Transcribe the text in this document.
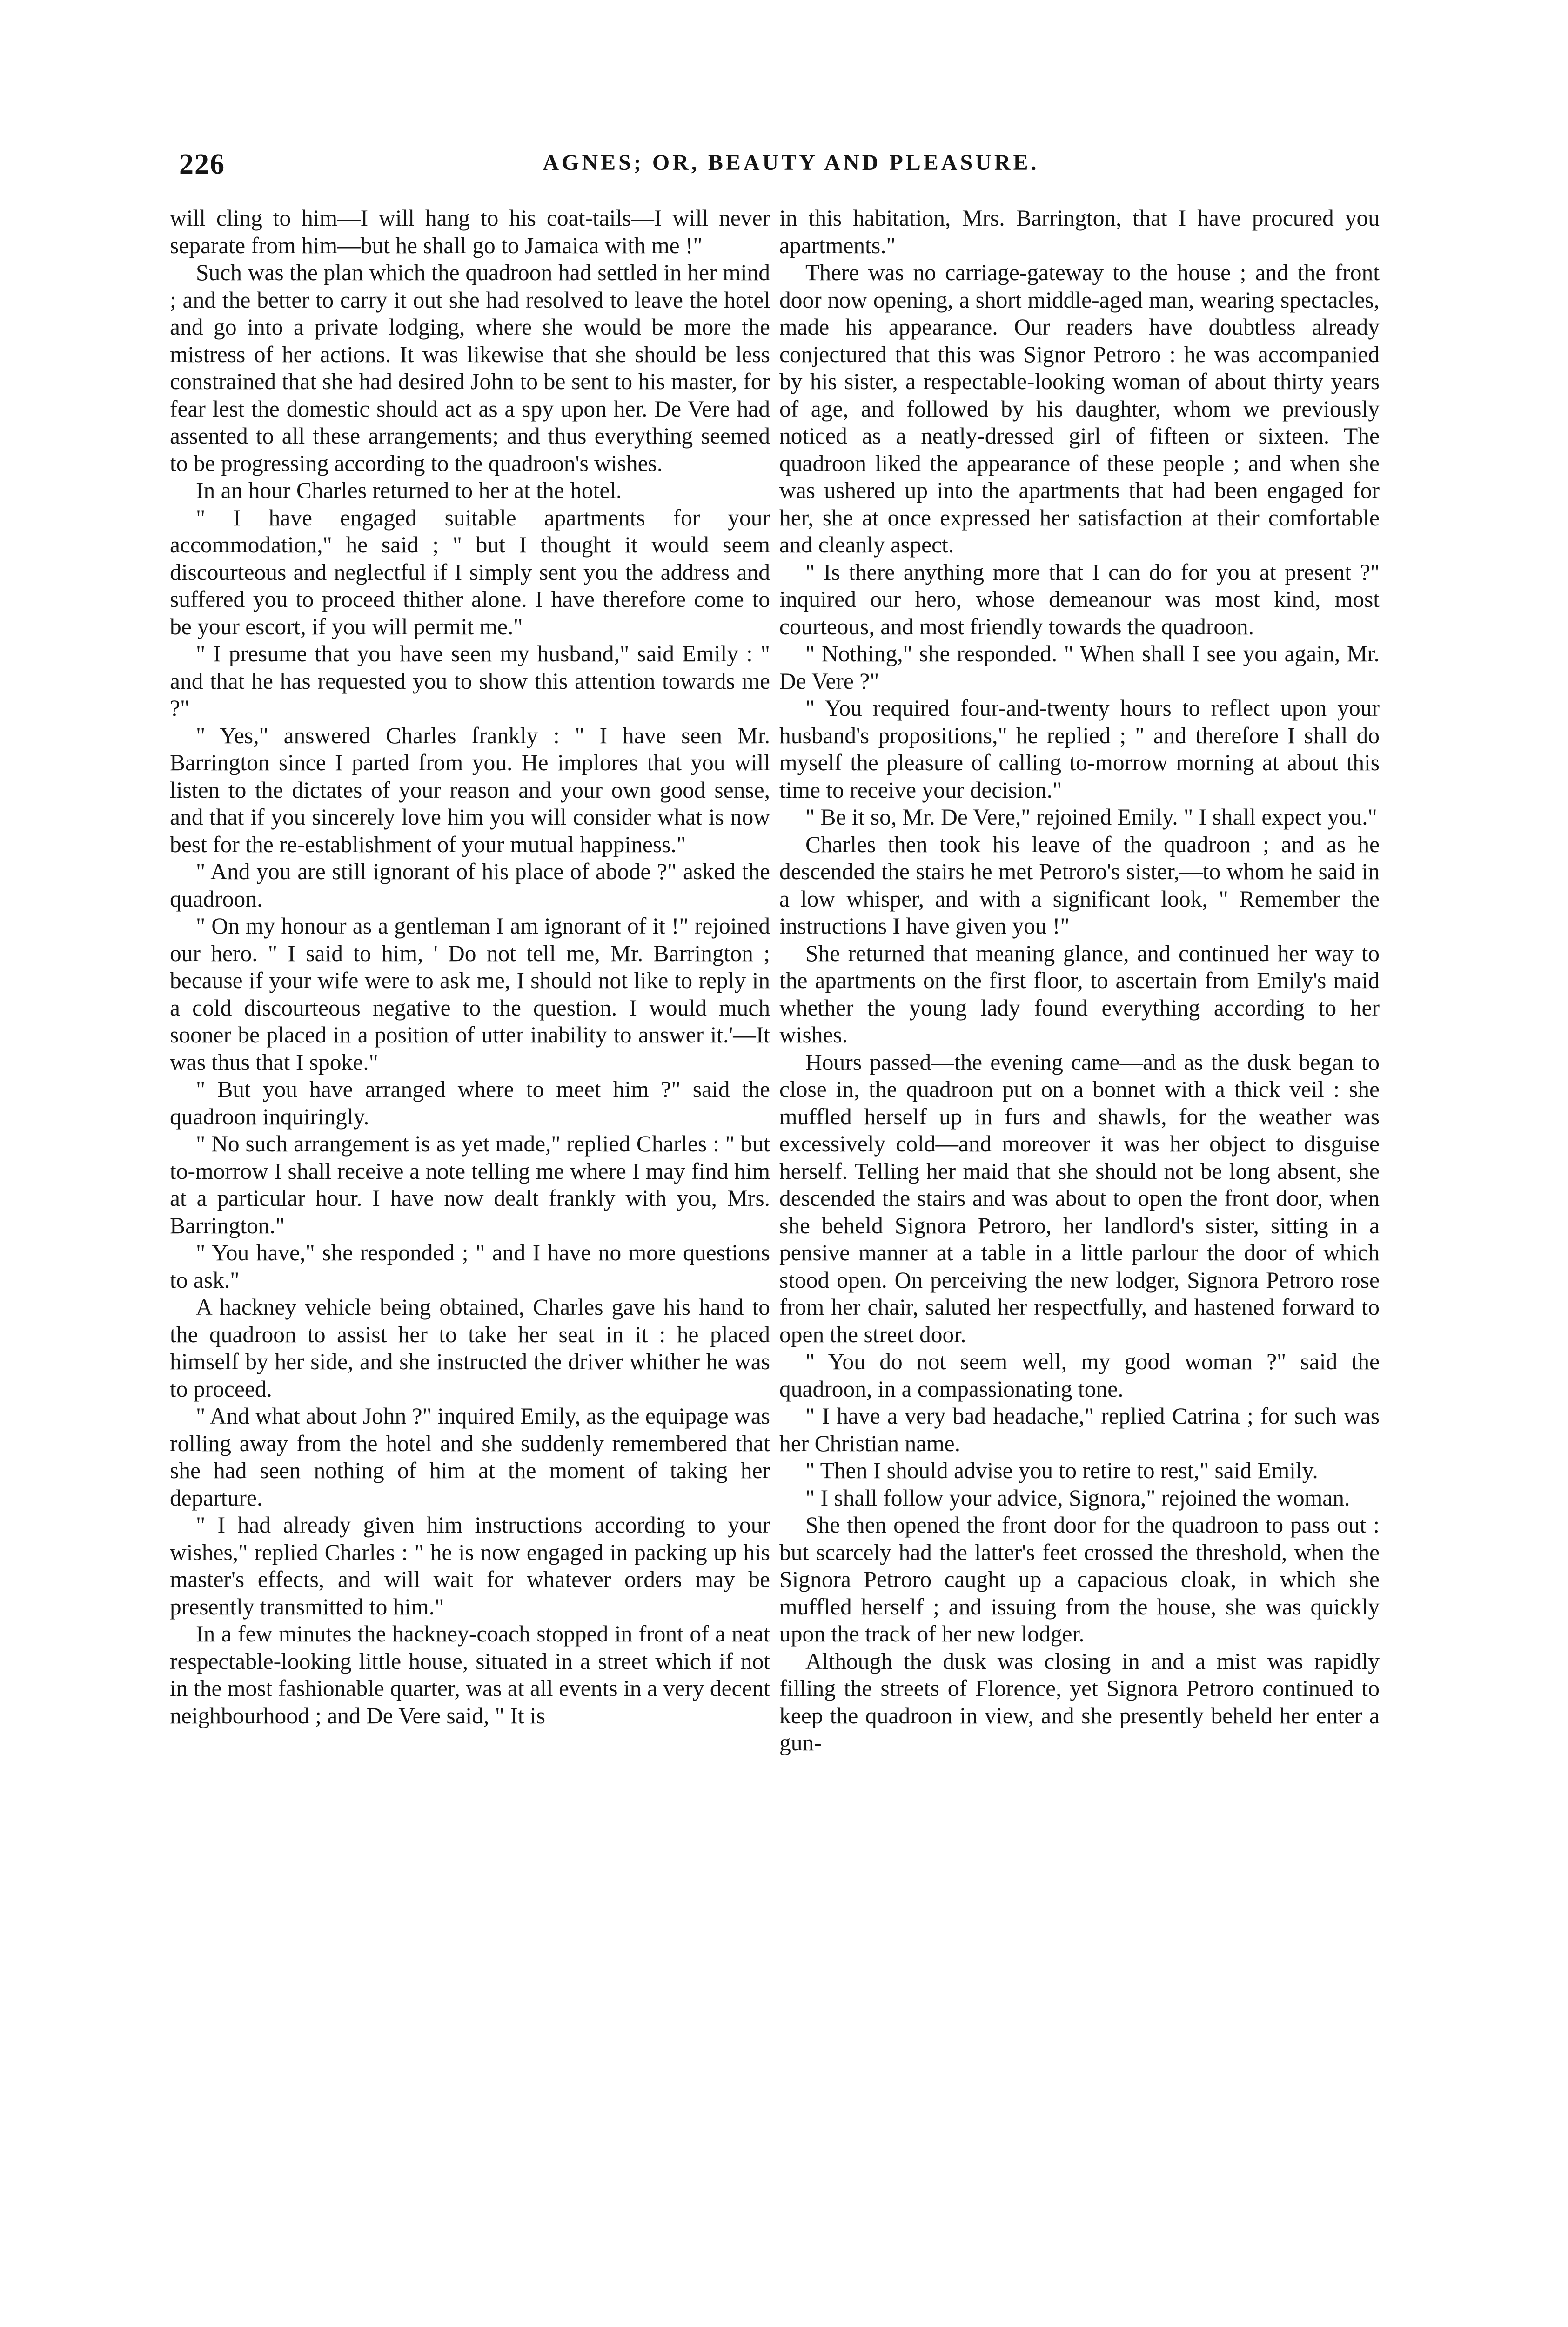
226	AGNES; OR, BEAUTY AND PLEASURE.

will cling to him—I will hang to his coat-tails—I will never separate from him—but he shall go to Jamaica with me !"

Such was the plan which the quadroon had settled in her mind ; and the better to carry it out she had resolved to leave the hotel and go into a private lodging, where she would be more the mistress of her actions. It was likewise that she should be less constrained that she had desired John to be sent to his master, for fear lest the domestic should act as a spy upon her. De Vere had assented to all these arrangements; and thus everything seemed to be progressing according to the quadroon's wishes.

In an hour Charles returned to her at the hotel.

" I have engaged suitable apartments for your accommodation," he said ; " but I thought it would seem discourteous and neglectful if I simply sent you the address and suffered you to proceed thither alone. I have therefore come to be your escort, if you will permit me."

" I presume that you have seen my husband," said Emily : " and that he has requested you to show this attention towards me ?"

" Yes," answered Charles frankly : " I have seen Mr. Barrington since I parted from you. He implores that you will listen to the dictates of your reason and your own good sense, and that if you sincerely love him you will consider what is now best for the re-establishment of your mutual happiness."

" And you are still ignorant of his place of abode ?" asked the quadroon.

" On my honour as a gentleman I am ignorant of it !" rejoined our hero. " I said to him, ' Do not tell me, Mr. Barrington ; because if your wife were to ask me, I should not like to reply in a cold discourteous negative to the question. I would much sooner be placed in a position of utter inability to answer it.'—It was thus that I spoke."

" But you have arranged where to meet him ?" said the quadroon inquiringly.

" No such arrangement is as yet made," replied Charles : " but to-morrow I shall receive a note telling me where I may find him at a particular hour. I have now dealt frankly with you, Mrs. Barrington."

" You have," she responded ; " and I have no more questions to ask."

A hackney vehicle being obtained, Charles gave his hand to the quadroon to assist her to take her seat in it : he placed himself by her side, and she instructed the driver whither he was to proceed.

" And what about John ?" inquired Emily, as the equipage was rolling away from the hotel and she suddenly remembered that she had seen nothing of him at the moment of taking her departure.

" I had already given him instructions according to your wishes," replied Charles : " he is now engaged in packing up his master's effects, and will wait for whatever orders may be presently transmitted to him."

In a few minutes the hackney-coach stopped in front of a neat respectable-looking little house, situated in a street which if not in the most fashionable quarter, was at all events in a very decent neighbourhood ; and De Vere said, " It is

in this habitation, Mrs. Barrington, that I have procured you apartments."

There was no carriage-gateway to the house ; and the front door now opening, a short middle-aged man, wearing spectacles, made his appearance. Our readers have doubtless already conjectured that this was Signor Petroro : he was accompanied by his sister, a respectable-looking woman of about thirty years of age, and followed by his daughter, whom we previously noticed as a neatly-dressed girl of fifteen or sixteen. The quadroon liked the appearance of these people ; and when she was ushered up into the apartments that had been engaged for her, she at once expressed her satisfaction at their comfortable and cleanly aspect.

" Is there anything more that I can do for you at present ?" inquired our hero, whose demeanour was most kind, most courteous, and most friendly towards the quadroon.

" Nothing," she responded. " When shall I see you again, Mr. De Vere ?"

" You required four-and-twenty hours to reflect upon your husband's propositions," he replied ; " and therefore I shall do myself the pleasure of calling to-morrow morning at about this time to receive your decision."

" Be it so, Mr. De Vere," rejoined Emily. " I shall expect you."

Charles then took his leave of the quadroon ; and as he descended the stairs he met Petroro's sister,—to whom he said in a low whisper, and with a significant look, " Remember the instructions I have given you !"

She returned that meaning glance, and continued her way to the apartments on the first floor, to ascertain from Emily's maid whether the young lady found everything according to her wishes.

Hours passed—the evening came—and as the dusk began to close in, the quadroon put on a bonnet with a thick veil : she muffled herself up in furs and shawls, for the weather was excessively cold—and moreover it was her object to disguise herself. Telling her maid that she should not be long absent, she descended the stairs and was about to open the front door, when she beheld Signora Petroro, her landlord's sister, sitting in a pensive manner at a table in a little parlour the door of which stood open. On perceiving the new lodger, Signora Petroro rose from her chair, saluted her respectfully, and hastened forward to open the street door.

" You do not seem well, my good woman ?" said the quadroon, in a compassionating tone.

" I have a very bad headache," replied Catrina ; for such was her Christian name.

" Then I should advise you to retire to rest," said Emily.

" I shall follow your advice, Signora," rejoined the woman.

She then opened the front door for the quadroon to pass out : but scarcely had the latter's feet crossed the threshold, when the Signora Petroro caught up a capacious cloak, in which she muffled herself ; and issuing from the house, she was quickly upon the track of her new lodger.

Although the dusk was closing in and a mist was rapidly filling the streets of Florence, yet Signora Petroro continued to keep the quadroon in view, and she presently beheld her enter a gun-
